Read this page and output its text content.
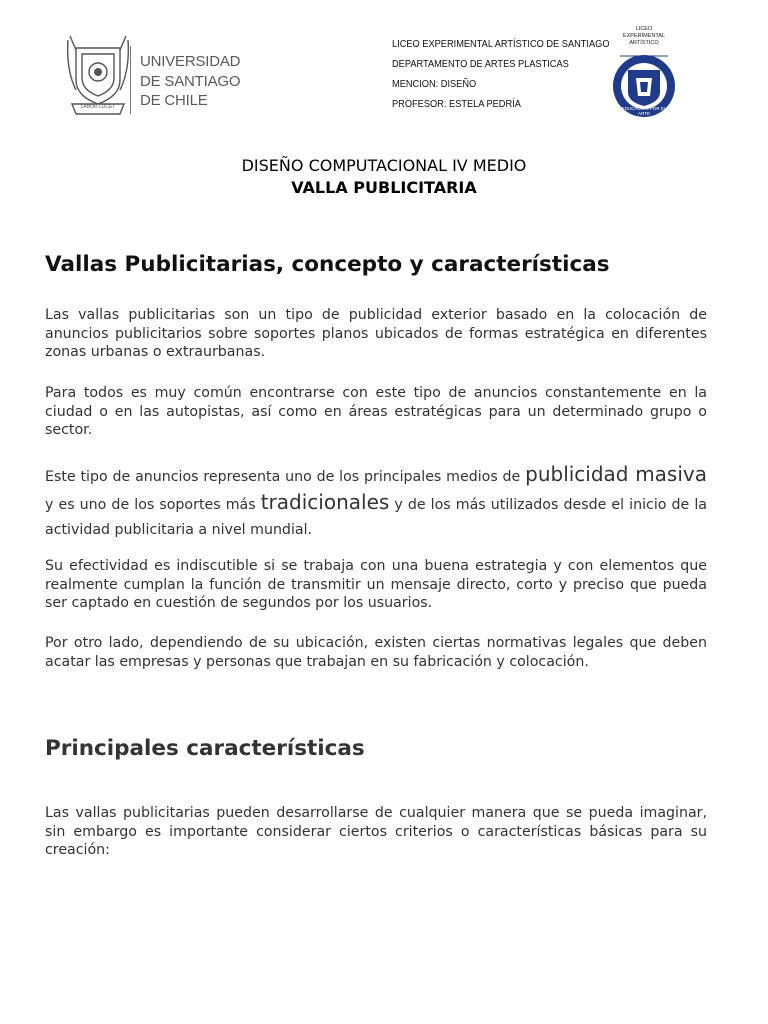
UNIVERSIDAD
DE SANTIAGO
DE CHILE
LABOR LUCET
LICEO EXPERIMENTAL ARTÍSTICO DE SANTIAGO
DEPARTAMENTO DE ARTES PLASTICAS
MENCION: DISEÑO
PROFESOR: ESTELA PEDRÍA
LICEO EXPERIMENTAL ARTÍSTICO
EDUCACION POR EL ARTE
DISEÑO COMPUTACIONAL IV MEDIO
VALLA PUBLICITARIA
Vallas Publicitarias, concepto y características

Las vallas publicitarias son un tipo de publicidad exterior basado en la colocación de anuncios publicitarios sobre soportes planos ubicados de formas estratégica en diferentes zonas urbanas o extraurbanas.

Para todos es muy común encontrarse con este tipo de anuncios constantemente en la ciudad o en las autopistas, así como en áreas estratégicas para un determinado grupo o sector.

Este tipo de anuncios representa uno de los principales medios de publicidad masiva y es uno de los soportes más tradicionales y de los más utilizados desde el inicio de la actividad publicitaria a nivel mundial.

Su efectividad es indiscutible si se trabaja con una buena estrategia y con elementos que realmente cumplan la función de transmitir un mensaje directo, corto y preciso que pueda ser captado en cuestión de segundos por los usuarios.

Por otro lado, dependiendo de su ubicación, existen ciertas normativas legales que deben acatar las empresas y personas que trabajan en su fabricación y colocación.

Principales características

Las vallas publicitarias pueden desarrollarse de cualquier manera que se pueda imaginar, sin embargo es importante considerar ciertos criterios o características básicas para su creación:
